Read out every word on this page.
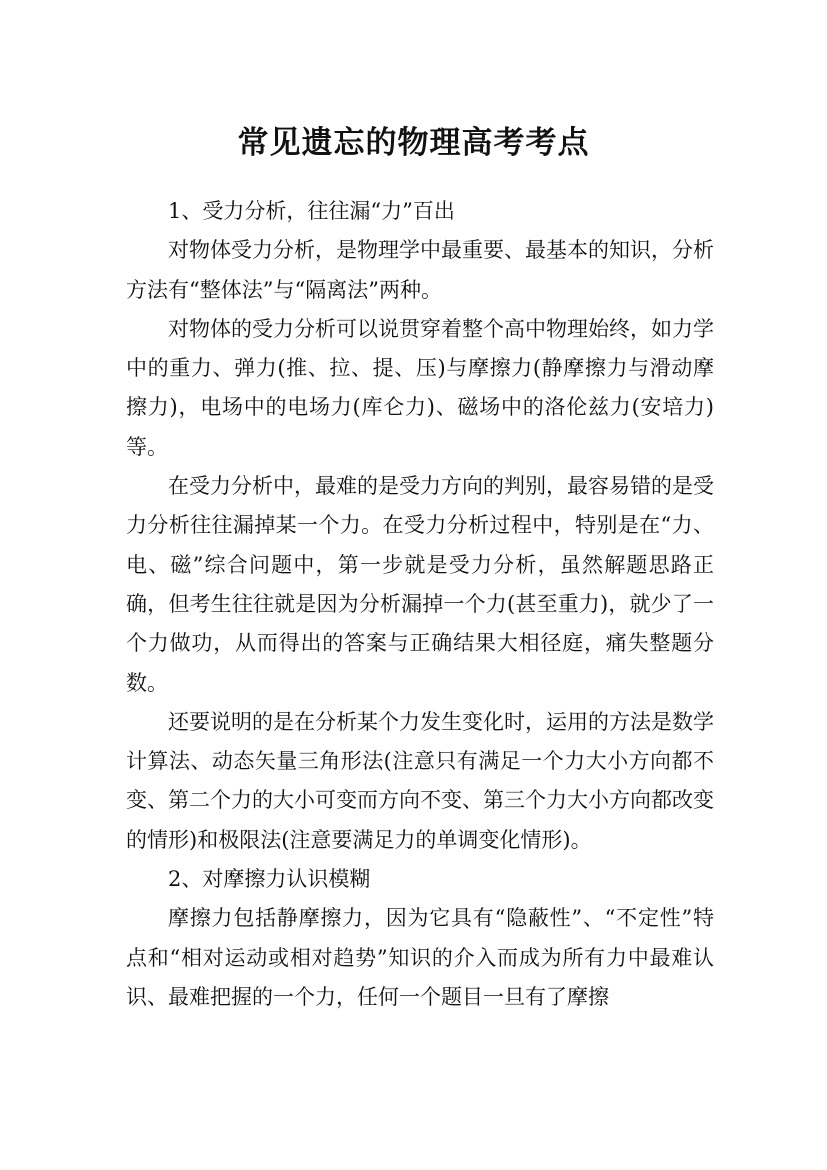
常见遗忘的物理高考考点

1、受力分析，往往漏“力”百出

对物体受力分析，是物理学中最重要、最基本的知识，分析方法有“整体法”与“隔离法”两种。

对物体的受力分析可以说贯穿着整个高中物理始终，如力学中的重力、弹力(推、拉、提、压)与摩擦力(静摩擦力与滑动摩擦力)，电场中的电场力(库仑力)、磁场中的洛伦兹力(安培力)等。

在受力分析中，最难的是受力方向的判别，最容易错的是受力分析往往漏掉某一个力。在受力分析过程中，特别是在“力、电、磁”综合问题中，第一步就是受力分析，虽然解题思路正确，但考生往往就是因为分析漏掉一个力(甚至重力)，就少了一个力做功，从而得出的答案与正确结果大相径庭，痛失整题分数。

还要说明的是在分析某个力发生变化时，运用的方法是数学计算法、动态矢量三角形法(注意只有满足一个力大小方向都不变、第二个力的大小可变而方向不变、第三个力大小方向都改变的情形)和极限法(注意要满足力的单调变化情形)。

2、对摩擦力认识模糊

摩擦力包括静摩擦力，因为它具有“隐蔽性”、“不定性”特点和“相对运动或相对趋势”知识的介入而成为所有力中最难认识、最难把握的一个力，任何一个题目一旦有了摩擦
